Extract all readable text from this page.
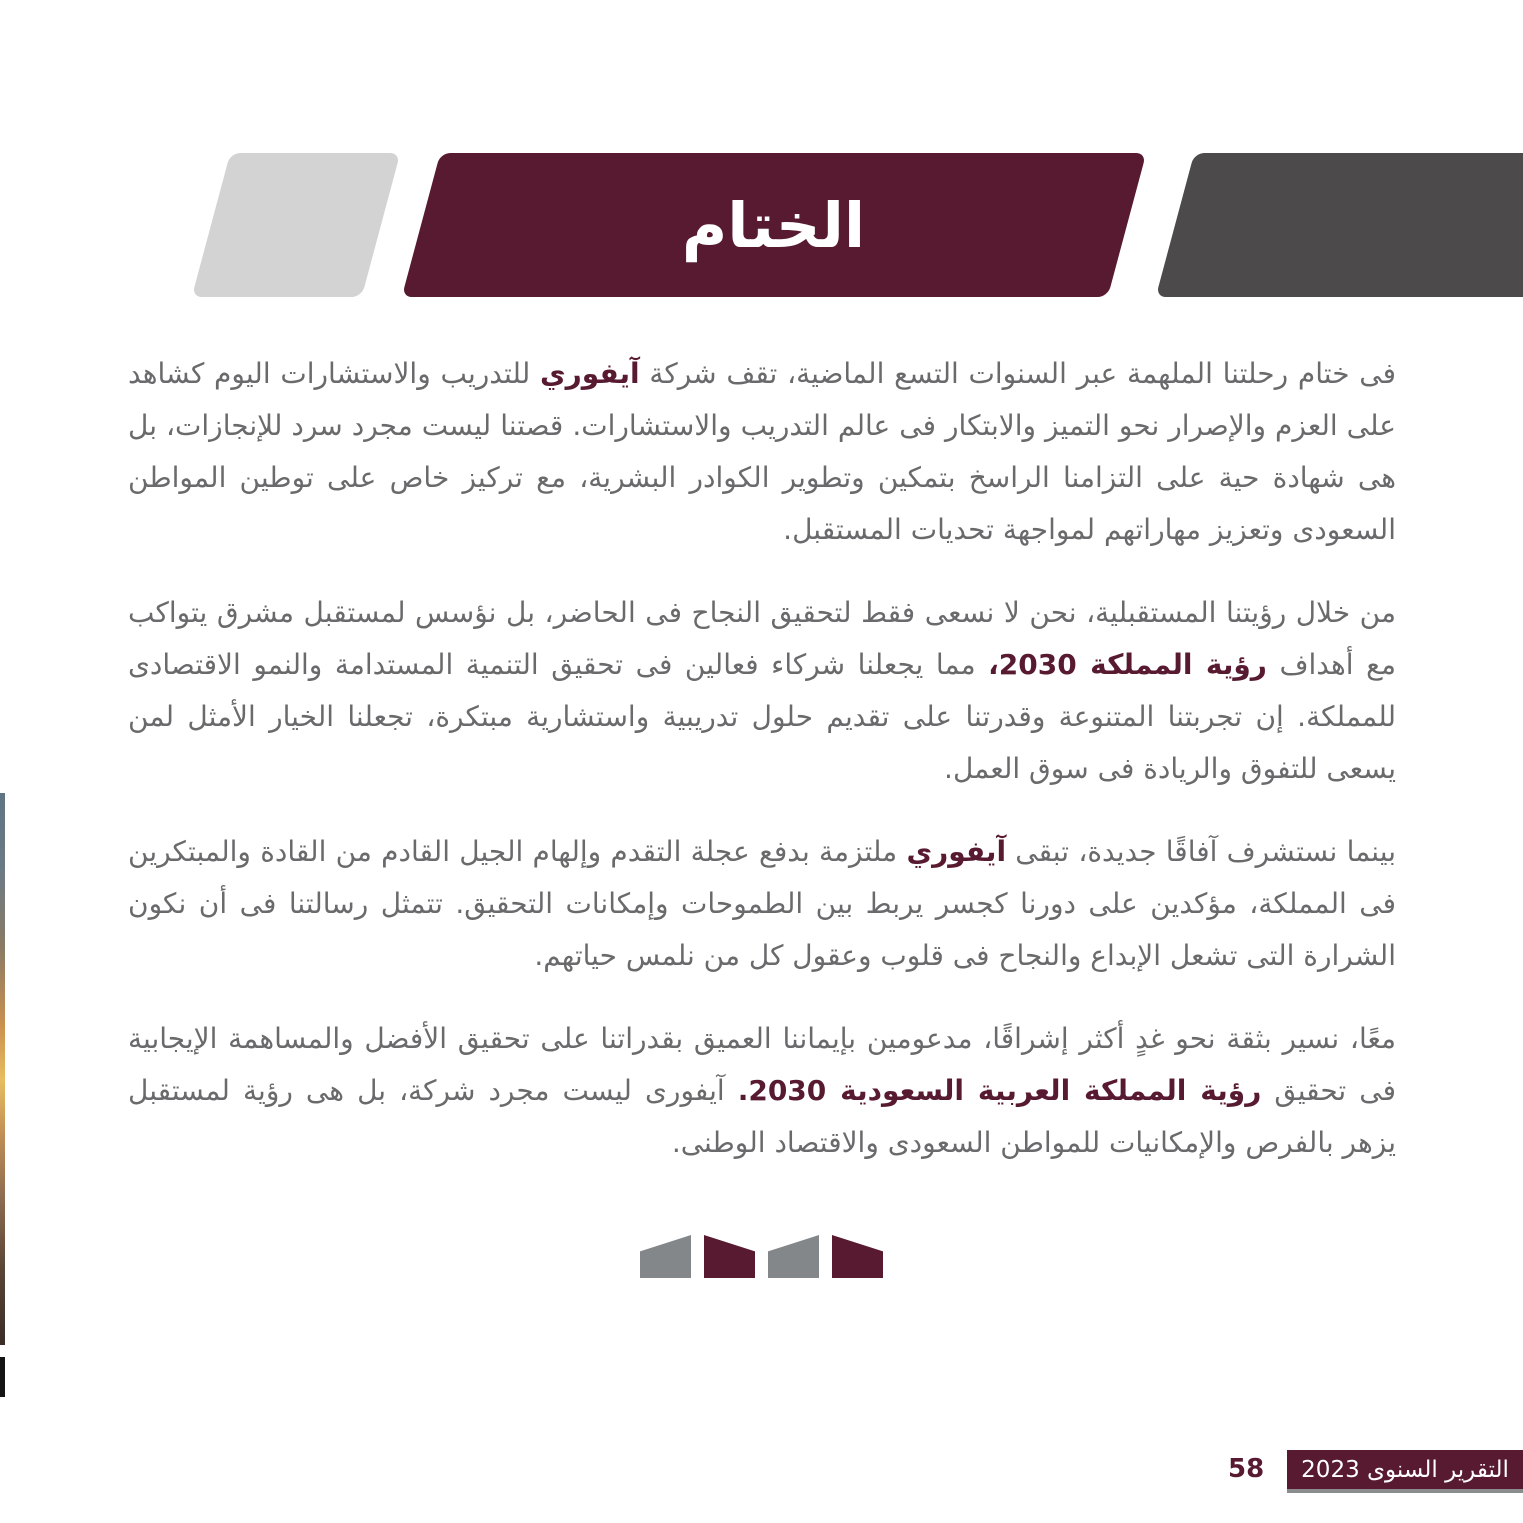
الختام

فى ختام رحلتنا الملهمة عبر السنوات التسع الماضية، تقف شركة آيفوري للتدريب والاستشارات اليوم كشاهد على العزم والإصرار نحو التميز والابتكار فى عالم التدريب والاستشارات. قصتنا ليست مجرد سرد للإنجازات، بل هى شهادة حية على التزامنا الراسخ بتمكين وتطوير الكوادر البشرية، مع تركيز خاص على توطين المواطن السعودى وتعزيز مهاراتهم لمواجهة تحديات المستقبل.

من خلال رؤيتنا المستقبلية، نحن لا نسعى فقط لتحقيق النجاح فى الحاضر، بل نؤسس لمستقبل مشرق يتواكب مع أهداف رؤية المملكة 2030، مما يجعلنا شركاء فعالين فى تحقيق التنمية المستدامة والنمو الاقتصادى للمملكة. إن تجربتنا المتنوعة وقدرتنا على تقديم حلول تدريبية واستشارية مبتكرة، تجعلنا الخيار الأمثل لمن يسعى للتفوق والريادة فى سوق العمل.

بينما نستشرف آفاقًا جديدة، تبقى آيفوري ملتزمة بدفع عجلة التقدم وإلهام الجيل القادم من القادة والمبتكرين فى المملكة، مؤكدين على دورنا كجسر يربط بين الطموحات وإمكانات التحقيق. تتمثل رسالتنا فى أن نكون الشرارة التى تشعل الإبداع والنجاح فى قلوب وعقول كل من نلمس حياتهم.

معًا، نسير بثقة نحو غدٍ أكثر إشراقًا، مدعومين بإيماننا العميق بقدراتنا على تحقيق الأفضل والمساهمة الإيجابية فى تحقيق رؤية المملكة العربية السعودية 2030. آيفورى ليست مجرد شركة، بل هى رؤية لمستقبل يزهر بالفرص والإمكانيات للمواطن السعودى والاقتصاد الوطنى.

58 التقرير السنوى 2023
